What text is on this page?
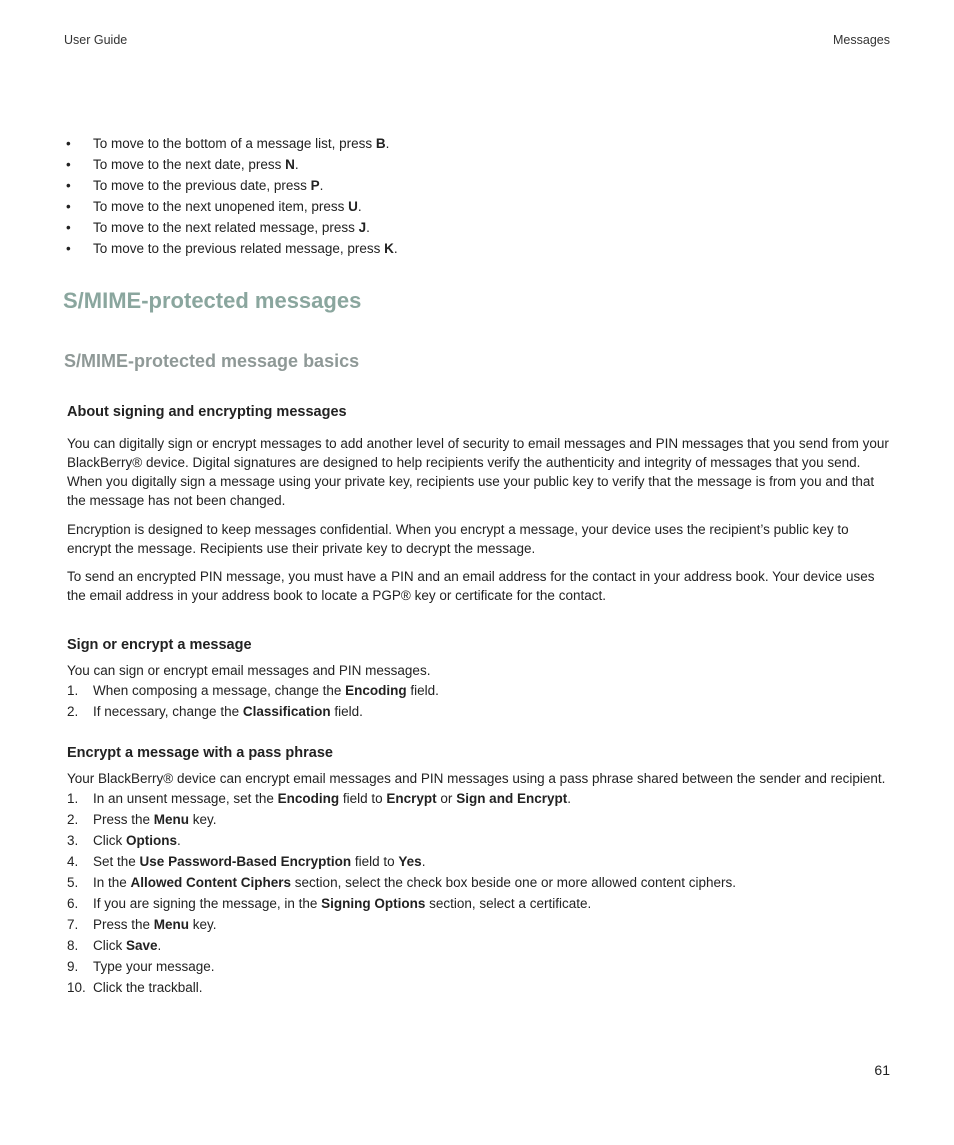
User Guide	Messages
• To move to the bottom of a message list, press B.
• To move to the next date, press N.
• To move to the previous date, press P.
• To move to the next unopened item, press U.
• To move to the next related message, press J.
• To move to the previous related message, press K.
S/MIME-protected messages
S/MIME-protected message basics
About signing and encrypting messages

You can digitally sign or encrypt messages to add another level of security to email messages and PIN messages that you send from your BlackBerry® device. Digital signatures are designed to help recipients verify the authenticity and integrity of messages that you send. When you digitally sign a message using your private key, recipients use your public key to verify that the message is from you and that the message has not been changed.

Encryption is designed to keep messages confidential. When you encrypt a message, your device uses the recipient’s public key to encrypt the message. Recipients use their private key to decrypt the message.

To send an encrypted PIN message, you must have a PIN and an email address for the contact in your address book. Your device uses the email address in your address book to locate a PGP® key or certificate for the contact.

Sign or encrypt a message

You can sign or encrypt email messages and PIN messages.

1. When composing a message, change the Encoding field.
2. If necessary, change the Classification field.
Encrypt a message with a pass phrase

Your BlackBerry® device can encrypt email messages and PIN messages using a pass phrase shared between the sender and recipient.

1. In an unsent message, set the Encoding field to Encrypt or Sign and Encrypt.
2. Press the Menu key.
3. Click Options.
4. Set the Use Password-Based Encryption field to Yes.
5. In the Allowed Content Ciphers section, select the check box beside one or more allowed content ciphers.
6. If you are signing the message, in the Signing Options section, select a certificate.
7. Press the Menu key.
8. Click Save.
9. Type your message.
10. Click the trackball.
61
